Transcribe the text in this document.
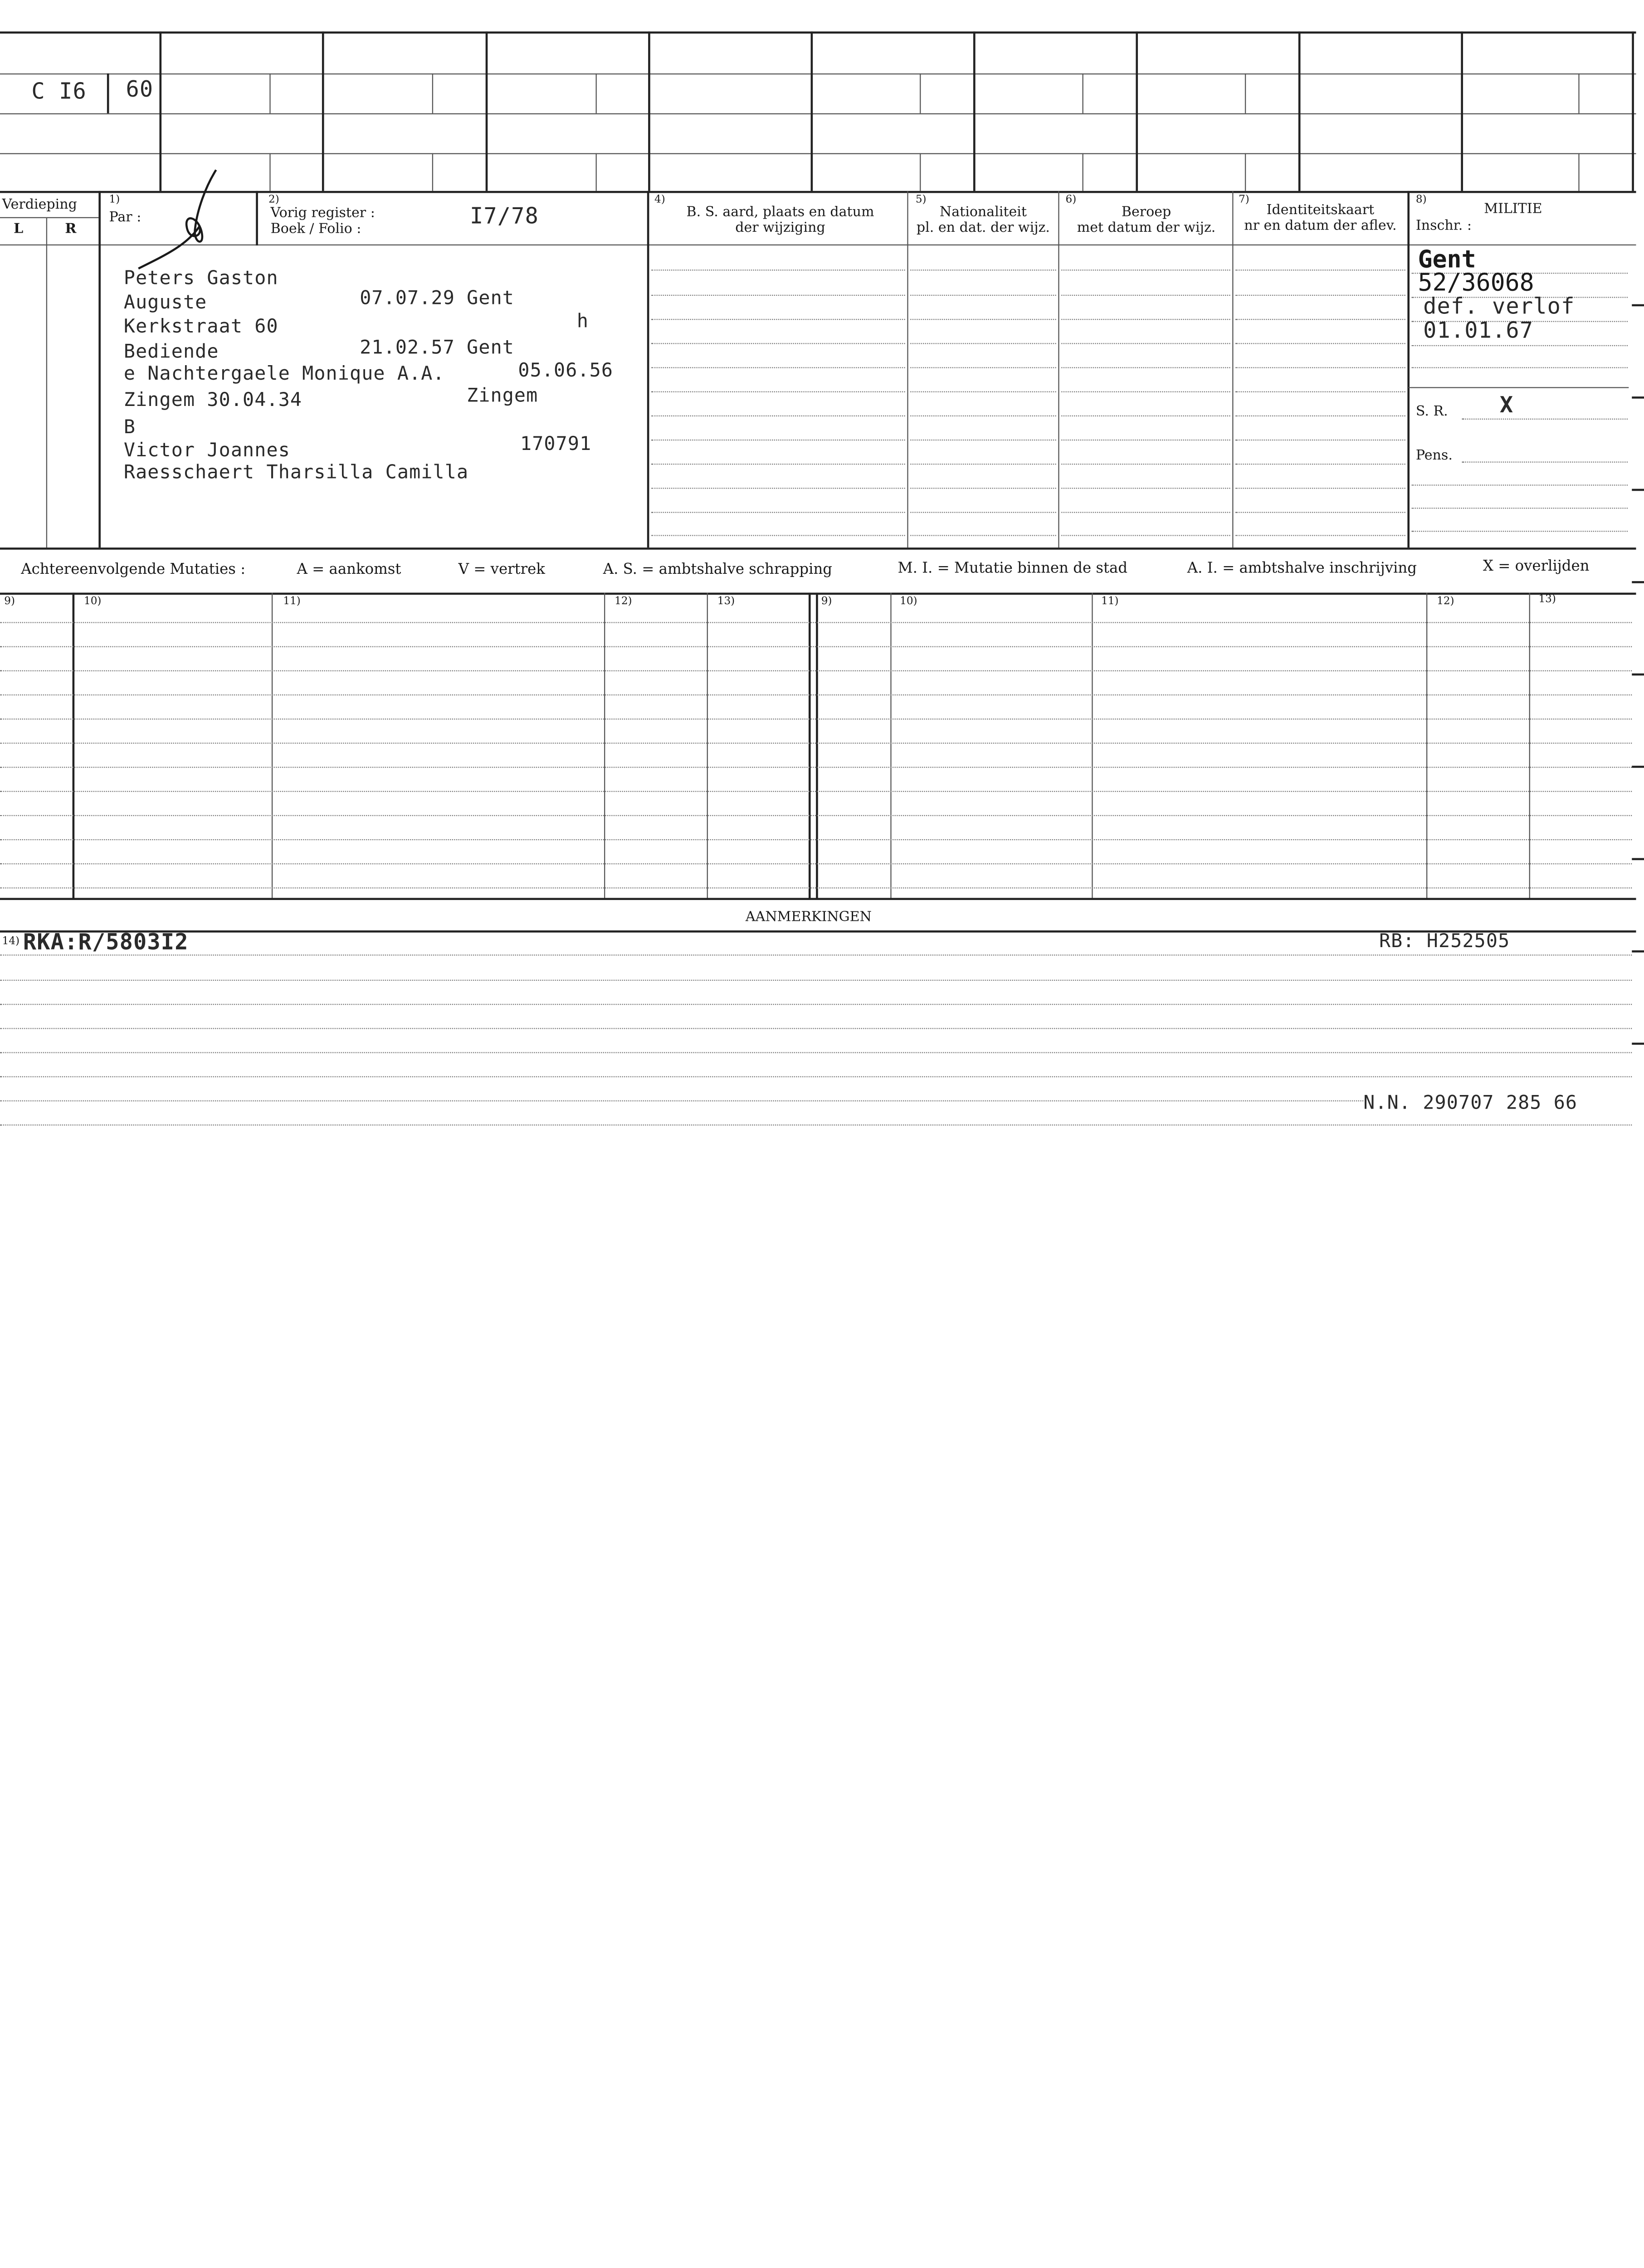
C I6	60
Verdieping
L	R
1)
Par :
2)
Vorig register :
Boek / Folio :
I7/78
4)
B. S. aard, plaats en datum
der wijziging
5)
Nationaliteit
pl. en dat. der wijz.
6)
Beroep
met datum der wijz.
7)
Identiteitskaart
nr en datum der aflev.
8)
MILITIE
Inschr. :
S. R.
Pens.
Peters Gaston
Auguste	07.07.29 Gent
Kerkstraat 60	h
Bediende	21.02.57 Gent
e Nachtergaele Monique A.A.	05.06.56
Zingem 30.04.34	Zingem
B
Victor Joannes	170791
Raesschaert Tharsilla Camilla
Gent
52/36068
def. verlof
01.01.67
X
Achtereenvolgende Mutaties :	A = aankomst	V = vertrek	A. S. = ambtshalve schrapping	M. I. = Mutatie binnen de stad	A. I. = ambtshalve inschrijving	X = overlijden
9)	10)	11)	12)	13)	9)	10)	11)	12)	13)
AANMERKINGEN
14) RKA:R/5803I2	RB: H252505
N.N. 290707 285 66
